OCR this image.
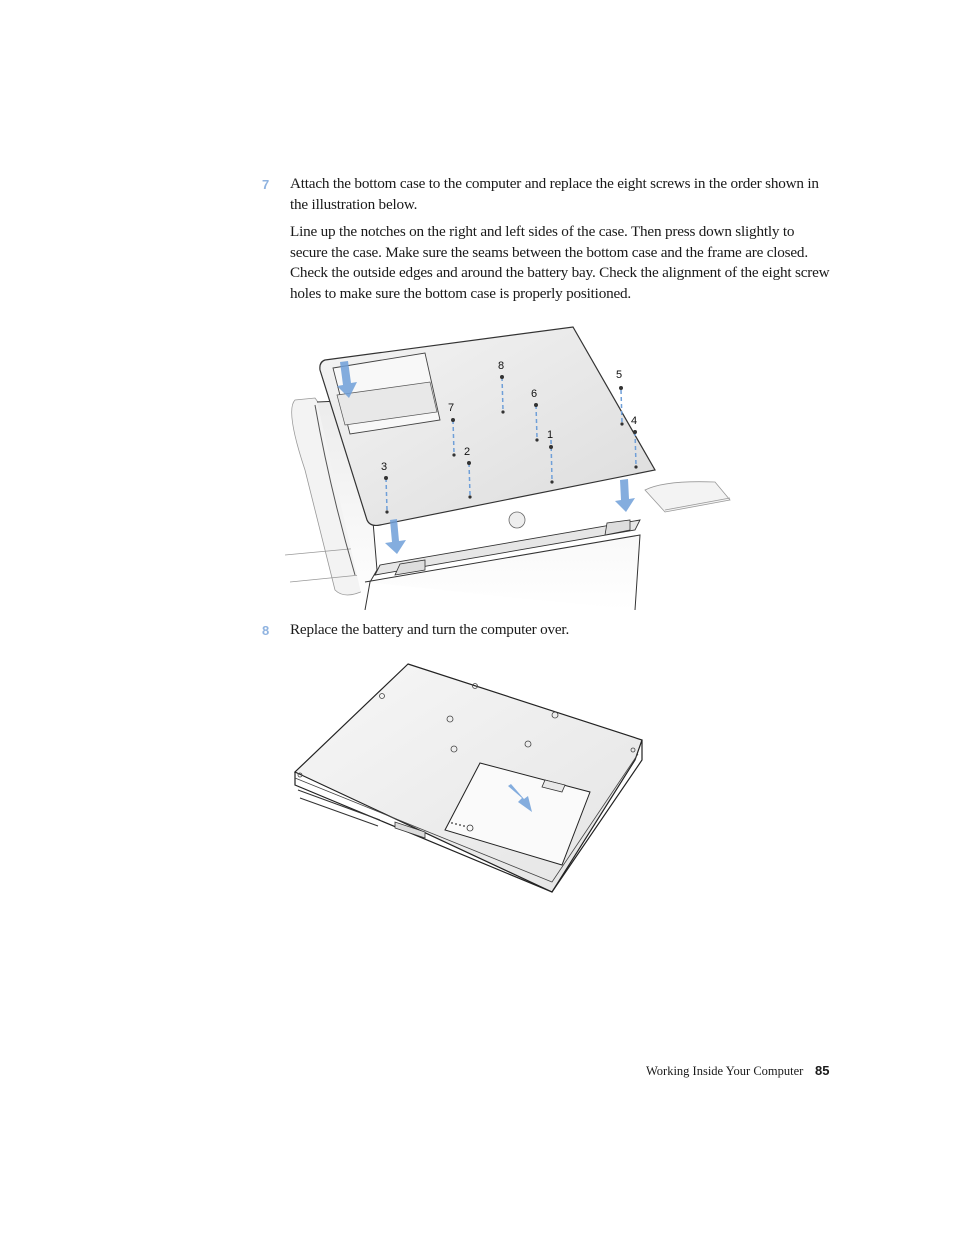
7 Attach the bottom case to the computer and replace the eight screws in the order shown in the illustration below.
Line up the notches on the right and left sides of the case. Then press down slightly to secure the case. Make sure the seams between the bottom case and the frame are closed. Check the outside edges and around the battery bay. Check the alignment of the eight screw holes to make sure the bottom case is properly positioned.
1
2
3
4
5
6
7
8
8 Replace the battery and turn the computer over.
Working Inside Your Computer 85
